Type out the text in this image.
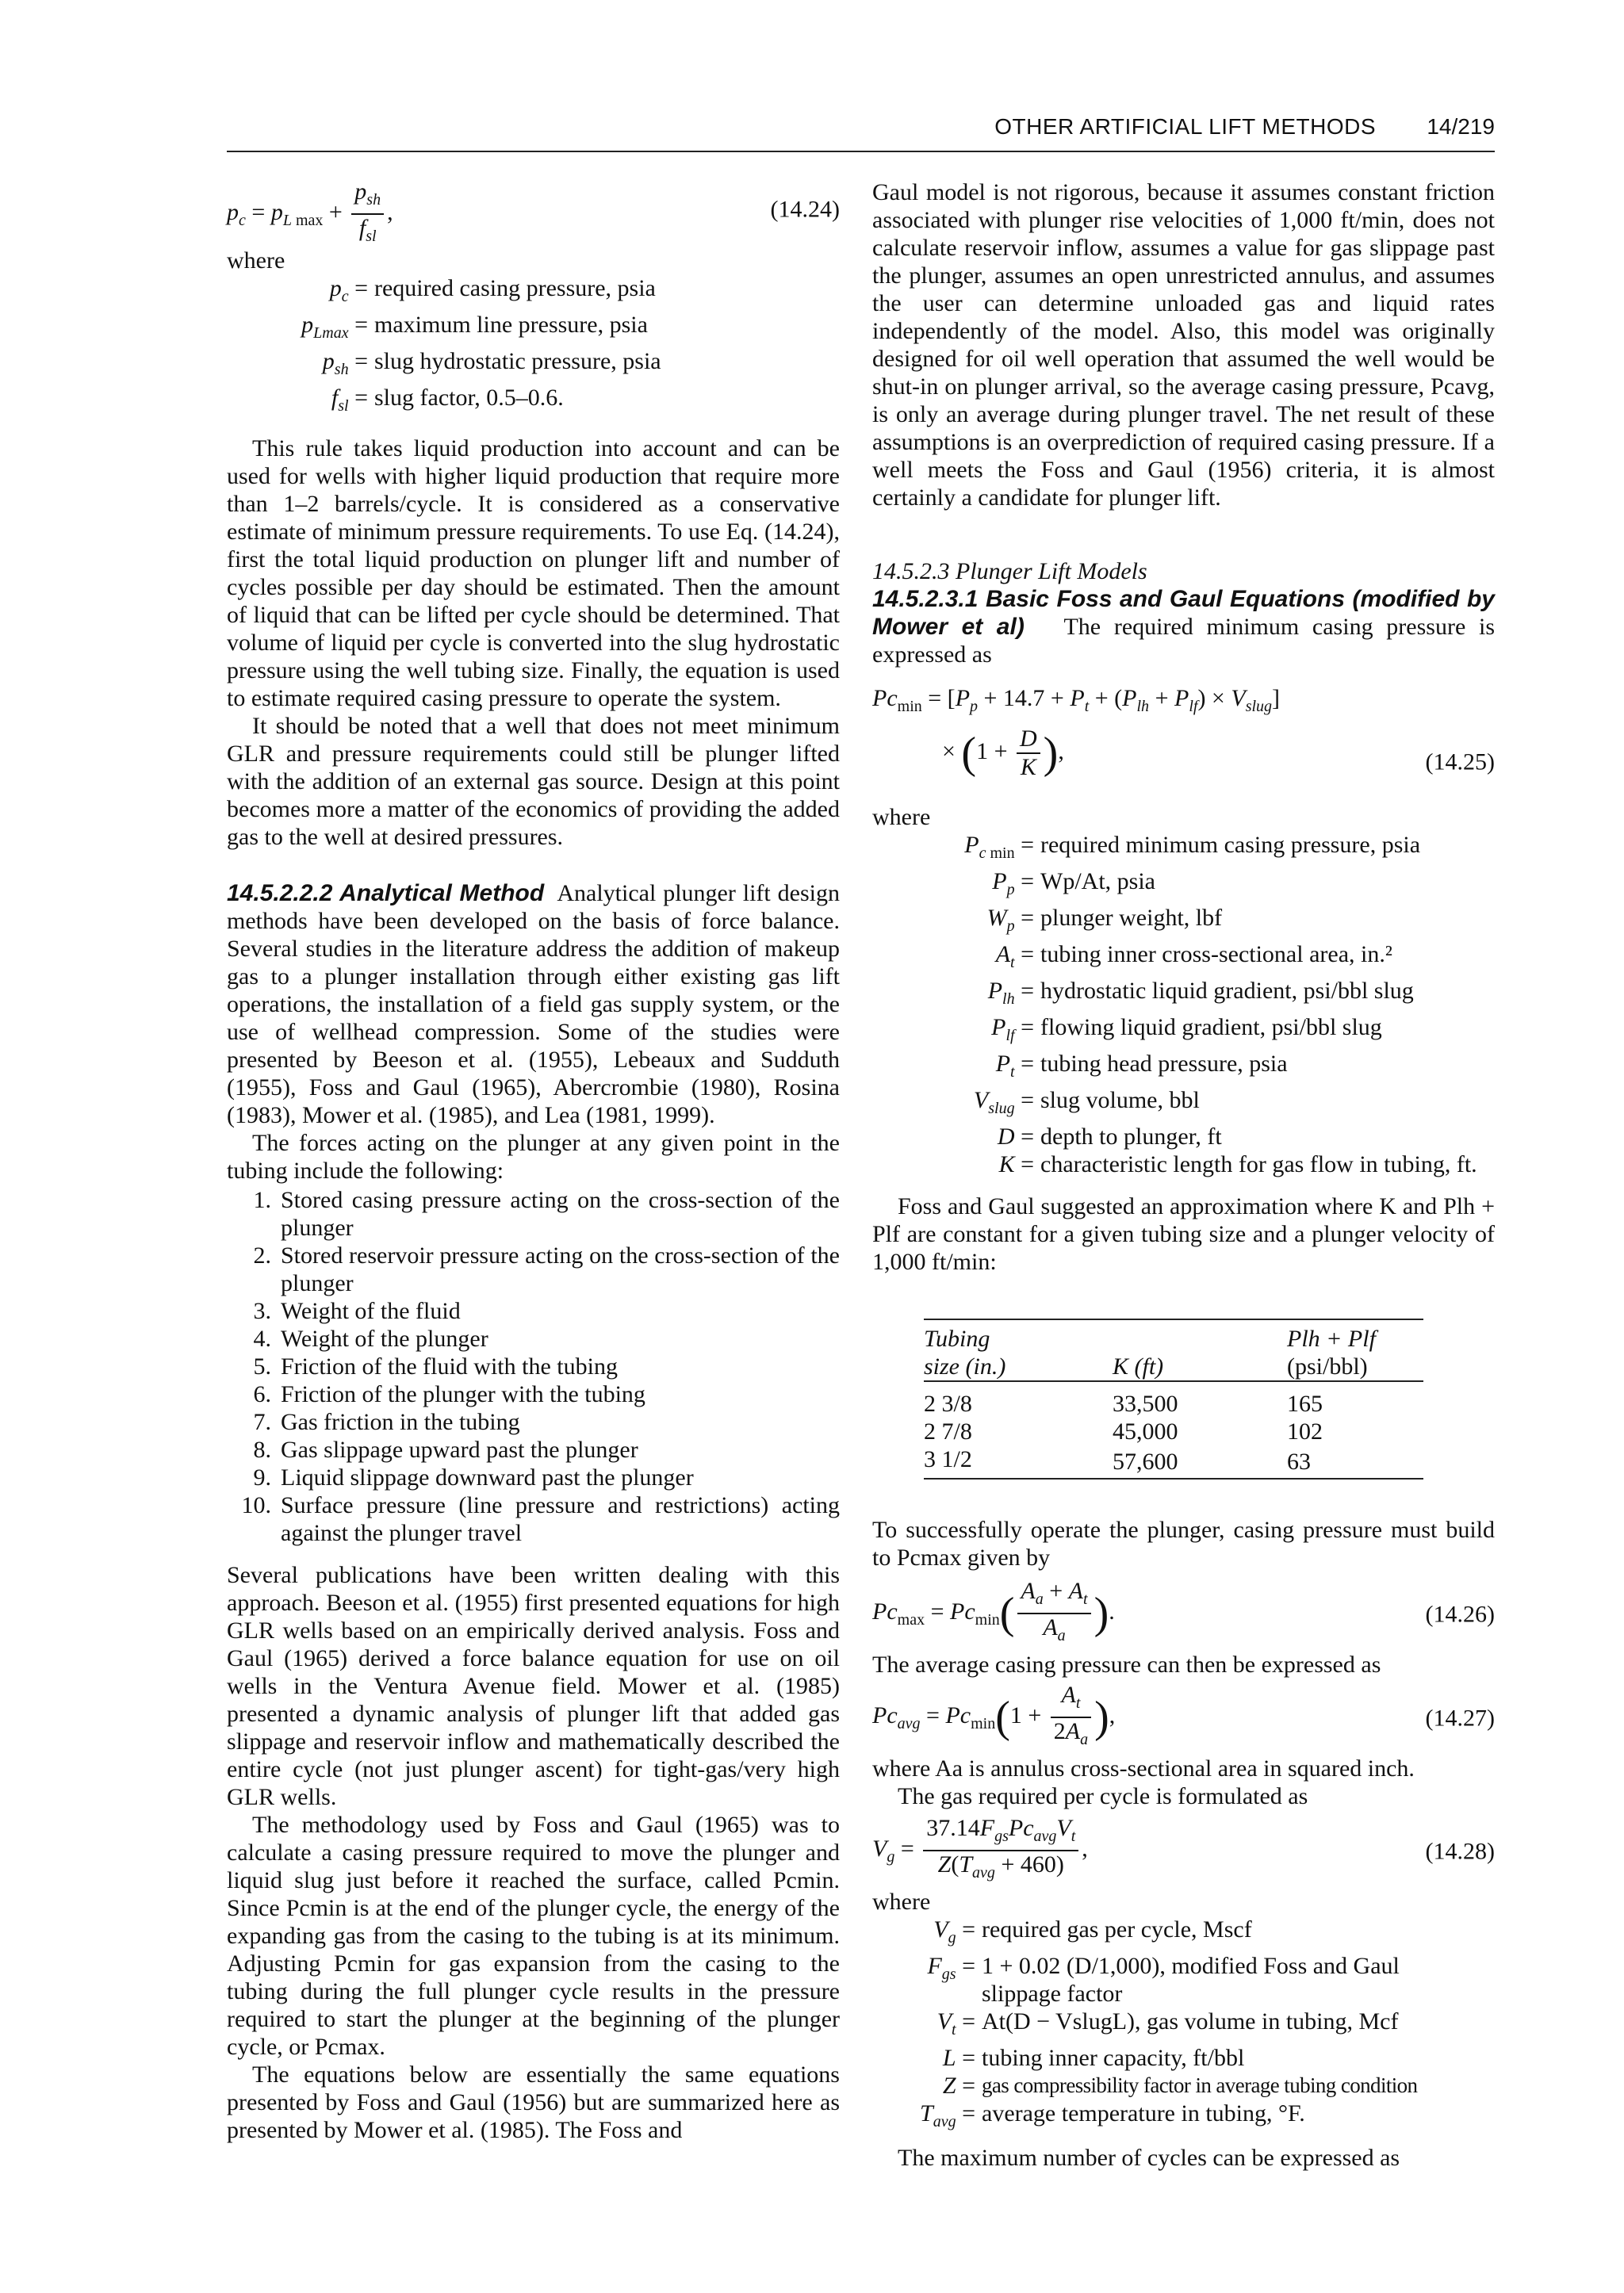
OTHER ARTIFICIAL LIFT METHODS 14/219
$p_c = p_L$ $_{max} + \frac{p_{sh}}{f_{sl}}$ ,	(14.24)

where

$p_c$ = required casing pressure, psia
$p_{Lmax}$ = maximum line pressure, psia
$p_{sh}$ = slug hydrostatic pressure, psia
$f_{sl}$ = slug factor, 0.5–0.6.

This rule takes liquid production into account and can be used for wells with higher liquid production that require more than 1–2 barrels/cycle. It is considered as a conservative estimate of minimum pressure requirements. To use Eq. (14.24), first the total liquid production on plunger lift and number of cycles possible per day should be estimated. Then the amount of liquid that can be lifted per cycle should be determined. That volume of liquid per cycle is converted into the slug hydrostatic pressure using the well tubing size. Finally, the equation is used to estimate required casing pressure to operate the system.

It should be noted that a well that does not meet minimum GLR and pressure requirements could still be plunger lifted with the addition of an external gas source. Design at this point becomes more a matter of the economics of providing the added gas to the well at desired pressures.

14.5.2.2.2 Analytical Method Analytical plunger lift design methods have been developed on the basis of force balance. Several studies in the literature address the addition of makeup gas to a plunger installation through either existing gas lift operations, the installation of a field gas supply system, or the use of wellhead compression. Some of the studies were presented by Beeson et al. (1955), Lebeaux and Sudduth (1955), Foss and Gaul (1965), Abercrombie (1980), Rosina (1983), Mower et al. (1985), and Lea (1981, 1999).

The forces acting on the plunger at any given point in the tubing include the following:

1. Stored casing pressure acting on the cross-section of the plunger
2. Stored reservoir pressure acting on the cross-section of the plunger
3. Weight of the fluid
4. Weight of the plunger
5. Friction of the fluid with the tubing
6. Friction of the plunger with the tubing
7. Gas friction in the tubing
8. Gas slippage upward past the plunger
9. Liquid slippage downward past the plunger
10. Surface pressure (line pressure and restrictions) acting against the plunger travel

Several publications have been written dealing with this approach. Beeson et al. (1955) first presented equations for high GLR wells based on an empirically derived analysis. Foss and Gaul (1965) derived a force balance equation for use on oil wells in the Ventura Avenue field. Mower et al. (1985) presented a dynamic analysis of plunger lift that added gas slippage and reservoir inflow and mathematically described the entire cycle (not just plunger ascent) for tight-gas/very high GLR wells.

The methodology used by Foss and Gaul (1965) was to calculate a casing pressure required to move the plunger and liquid slug just before it reached the surface, called Pcmin. Since Pcmin is at the end of the plunger cycle, the energy of the expanding gas from the casing to the tubing is at its minimum. Adjusting Pcmin for gas expansion from the casing to the tubing during the full plunger cycle results in the pressure required to start the plunger at the beginning of the plunger cycle, or Pcmax.

The equations below are essentially the same equations presented by Foss and Gaul (1956) but are summarized here as presented by Mower et al. (1985). The Foss and

Gaul model is not rigorous, because it assumes constant friction associated with plunger rise velocities of 1,000 ft/min, does not calculate reservoir inflow, assumes a value for gas slippage past the plunger, assumes an open unrestricted annulus, and assumes the user can determine unloaded gas and liquid rates independently of the model. Also, this model was originally designed for oil well operation that assumed the well would be shut-in on plunger arrival, so the average casing pressure, Pcavg, is only an average during plunger travel. The net result of these assumptions is an overprediction of required casing pressure. If a well meets the Foss and Gaul (1956) criteria, it is almost certainly a candidate for plunger lift.

14.5.2.3 Plunger Lift Models

14.5.2.3.1 Basic Foss and Gaul Equations (modified by Mower et al) The required minimum casing pressure is expressed as

$Pc_{min} = [P_p + 14.7 + P_t + (P_{lh} + P_{lf}) \times V_{slug}]$
× ($1 + \frac{D}{K}$ ),	(14.25)

where

$P_c$ $_{min}$ = required minimum casing pressure, psia
$P_p = Wp/At$, psia
$W_p$ = plunger weight, lbf
$A_t$ = tubing inner cross-sectional area, in.²
$P_{lh}$ = hydrostatic liquid gradient, psi/bbl slug
$P_{lf}$ = flowing liquid gradient, psi/bbl slug
$P_t$ = tubing head pressure, psia
$V_{slug}$ = slug volume, bbl
D = depth to plunger, ft
K = characteristic length for gas flow in tubing, ft.

Foss and Gaul suggested an approximation where K and Plh + Plf are constant for a given tubing size and a plunger velocity of 1,000 ft/min:

Tubing		Plh + Plf
size (in.)	K (ft)	(psi/bbl)

2 3/8	33,500	165
2 7/8	45,000	102
3 1/2	57,600	63

To successfully operate the plunger, casing pressure must build to Pcmax given by

$Pc_{max} = Pc_{min}( \frac{A_a + A_t}{A_a}$ ).	(14.26)

The average casing pressure can then be expressed as

$Pc_{avg} = Pc_{min}(1 + \frac{A_t}{2A_a}$ ),	(14.27)

where Aa is annulus cross-sectional area in squared inch.

The gas required per cycle is formulated as

$V_g = \frac{37.14F_{gs}Pc_{avg}V_t}{Z(T_{avg} + 460)}$ ,	(14.28)

where

$V_g$ = required gas per cycle, Mscf
$F_{gs} = 1 + 0.02$ (D/1,000), modified Foss and Gaul slippage factor
$V_t = At(D$ − VslugL), gas volume in tubing, Mcf
L = tubing inner capacity, ft/bbl
Z = gas compressibility factor in average tubing condition
$T_{avg}$ = average temperature in tubing, °F.

The maximum number of cycles can be expressed as
